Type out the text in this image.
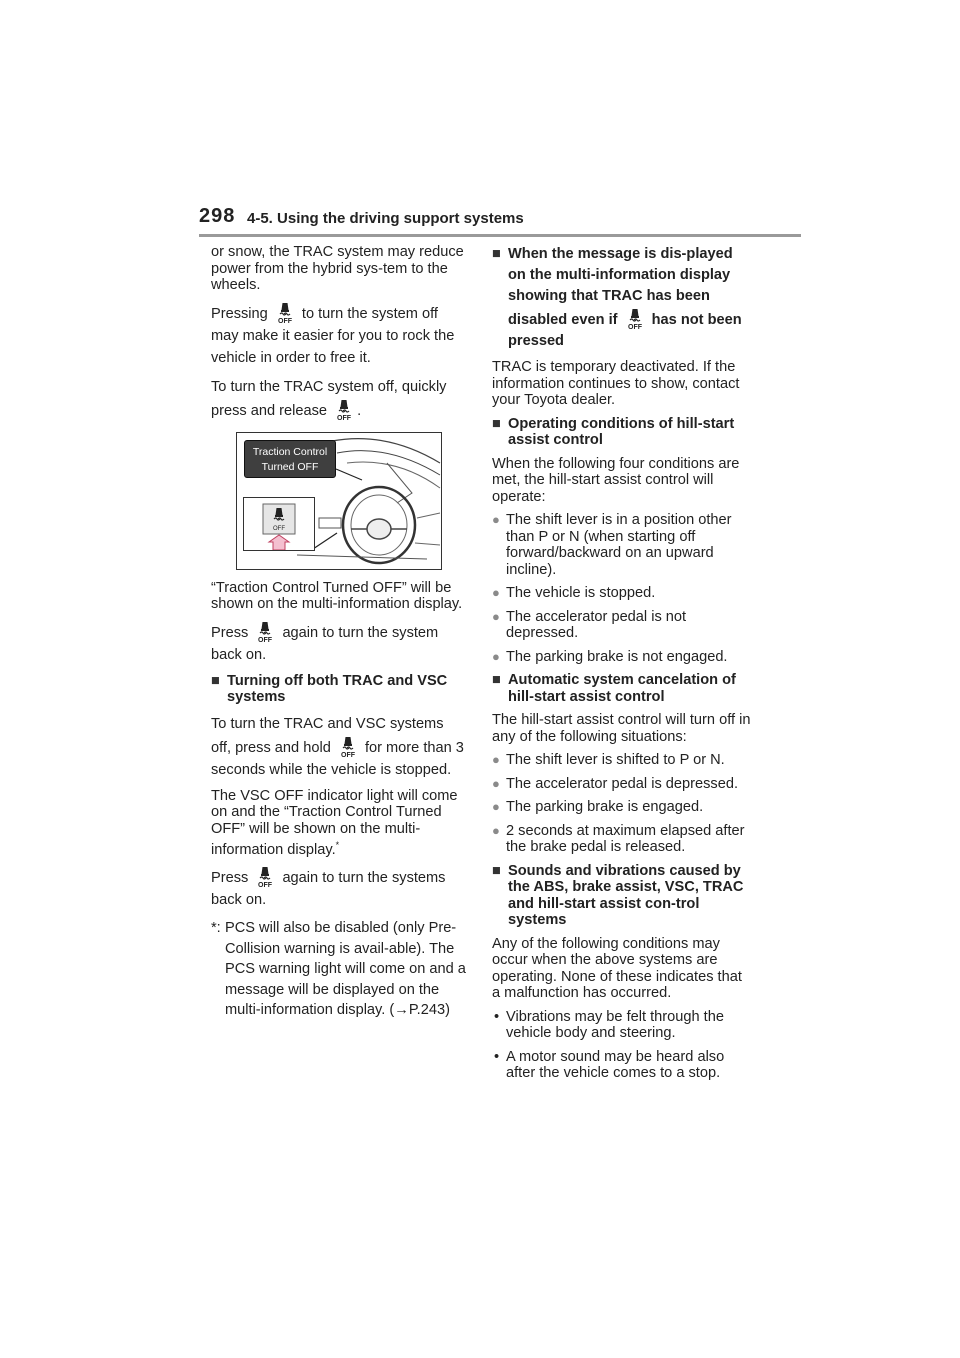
298 4-5. Using the driving support systems

or snow, the TRAC system may reduce power from the hybrid sys-tem to the wheels.

Pressing OFF to turn the system off may make it easier for you to rock the vehicle in order to free it.

To turn the TRAC system off, quickly press and release OFF .

Traction Control
Turned OFF
OFF

“Traction Control Turned OFF” will be shown on the multi-information display.

Press OFF again to turn the system back on.

■ Turning off both TRAC and VSC systems

To turn the TRAC and VSC systems off, press and hold OFF for more than 3 seconds while the vehicle is stopped.

The VSC OFF indicator light will come on and the “Traction Control Turned OFF” will be shown on the multi-information display.*

Press OFF again to turn the systems back on.

*: PCS will also be disabled (only Pre-Collision warning is avail-able). The PCS warning light will come on and a message will be displayed on the multi-information display. (→P.243)

■ When the message is dis-played on the multi-information display showing that TRAC has been disabled even if OFF has not been pressed

TRAC is temporary deactivated. If the information continues to show, contact your Toyota dealer.

■ Operating conditions of hill-start assist control

When the following four conditions are met, the hill-start assist control will operate:

● The shift lever is in a position other than P or N (when starting off forward/backward on an upward incline).

● The vehicle is stopped.

● The accelerator pedal is not depressed.

● The parking brake is not engaged.

■ Automatic system cancelation of hill-start assist control

The hill-start assist control will turn off in any of the following situations:

● The shift lever is shifted to P or N.

● The accelerator pedal is depressed.

● The parking brake is engaged.

● 2 seconds at maximum elapsed after the brake pedal is released.

■ Sounds and vibrations caused by the ABS, brake assist, VSC, TRAC and hill-start assist con-trol systems

Any of the following conditions may occur when the above systems are operating. None of these indicates that a malfunction has occurred.

• Vibrations may be felt through the vehicle body and steering.

• A motor sound may be heard also after the vehicle comes to a stop.
